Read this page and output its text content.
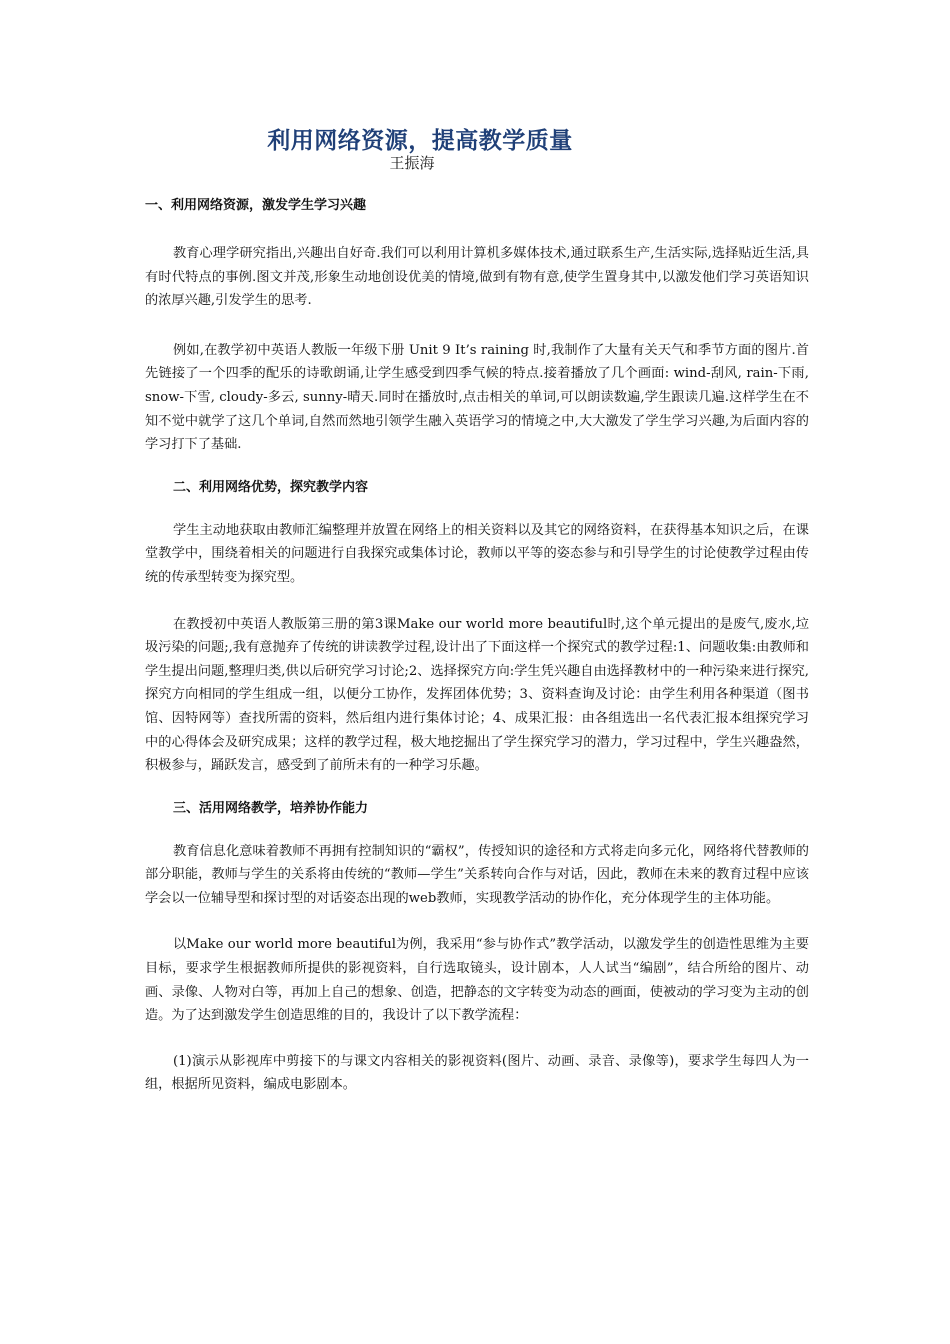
利用网络资源，提高教学质量
王振海
一、利用网络资源，激发学生学习兴趣

教育心理学研究指出,兴趣出自好奇.我们可以利用计算机多媒体技术,通过联系生产,生活实际,选择贴近生活,具有时代特点的事例.图文并茂,形象生动地创设优美的情境,做到有物有意,使学生置身其中,以激发他们学习英语知识的浓厚兴趣,引发学生的思考.

例如,在教学初中英语人教版一年级下册 Unit 9 It’s raining 时,我制作了大量有关天气和季节方面的图片.首先链接了一个四季的配乐的诗歌朗诵,让学生感受到四季气候的特点.接着播放了几个画面: wind-刮风, rain-下雨, snow-下雪, cloudy-多云, sunny-晴天.同时在播放时,点击相关的单词,可以朗读数遍,学生跟读几遍.这样学生在不知不觉中就学了这几个单词,自然而然地引领学生融入英语学习的情境之中,大大激发了学生学习兴趣,为后面内容的学习打下了基础.

二、利用网络优势，探究教学内容

学生主动地获取由教师汇编整理并放置在网络上的相关资料以及其它的网络资料，在获得基本知识之后，在课堂教学中，围绕着相关的问题进行自我探究或集体讨论，教师以平等的姿态参与和引导学生的讨论使教学过程由传统的传承型转变为探究型。

在教授初中英语人教版第三册的第3课Make our world more beautiful时,这个单元提出的是废气,废水,垃圾污染的问题;,我有意抛弃了传统的讲读教学过程,设计出了下面这样一个探究式的教学过程:1、问题收集:由教师和学生提出问题,整理归类,供以后研究学习讨论;2、选择探究方向:学生凭兴趣自由选择教材中的一种污染来进行探究,探究方向相同的学生组成一组，以便分工协作，发挥团体优势；3、资料查询及讨论：由学生利用各种渠道（图书馆、因特网等）查找所需的资料，然后组内进行集体讨论；4、成果汇报：由各组选出一名代表汇报本组探究学习中的心得体会及研究成果；这样的教学过程，极大地挖掘出了学生探究学习的潜力，学习过程中，学生兴趣盎然，积极参与，踊跃发言，感受到了前所未有的一种学习乐趣。

三、活用网络教学，培养协作能力

教育信息化意味着教师不再拥有控制知识的“霸权”，传授知识的途径和方式将走向多元化，网络将代替教师的部分职能，教师与学生的关系将由传统的“教师—学生”关系转向合作与对话，因此，教师在未来的教育过程中应该学会以一位辅导型和探讨型的对话姿态出现的web教师，实现教学活动的协作化，充分体现学生的主体功能。

以Make our world more beautiful为例，我采用“参与协作式”教学活动，以激发学生的创造性思维为主要目标，要求学生根据教师所提供的影视资料，自行选取镜头，设计剧本，人人试当“编剧”，结合所给的图片、动画、录像、人物对白等，再加上自己的想象、创造，把静态的文字转变为动态的画面，使被动的学习变为主动的创造。为了达到激发学生创造思维的目的，我设计了以下教学流程：

(1)演示从影视库中剪接下的与课文内容相关的影视资料(图片、动画、录音、录像等)，要求学生每四人为一组，根据所见资料，编成电影剧本。
